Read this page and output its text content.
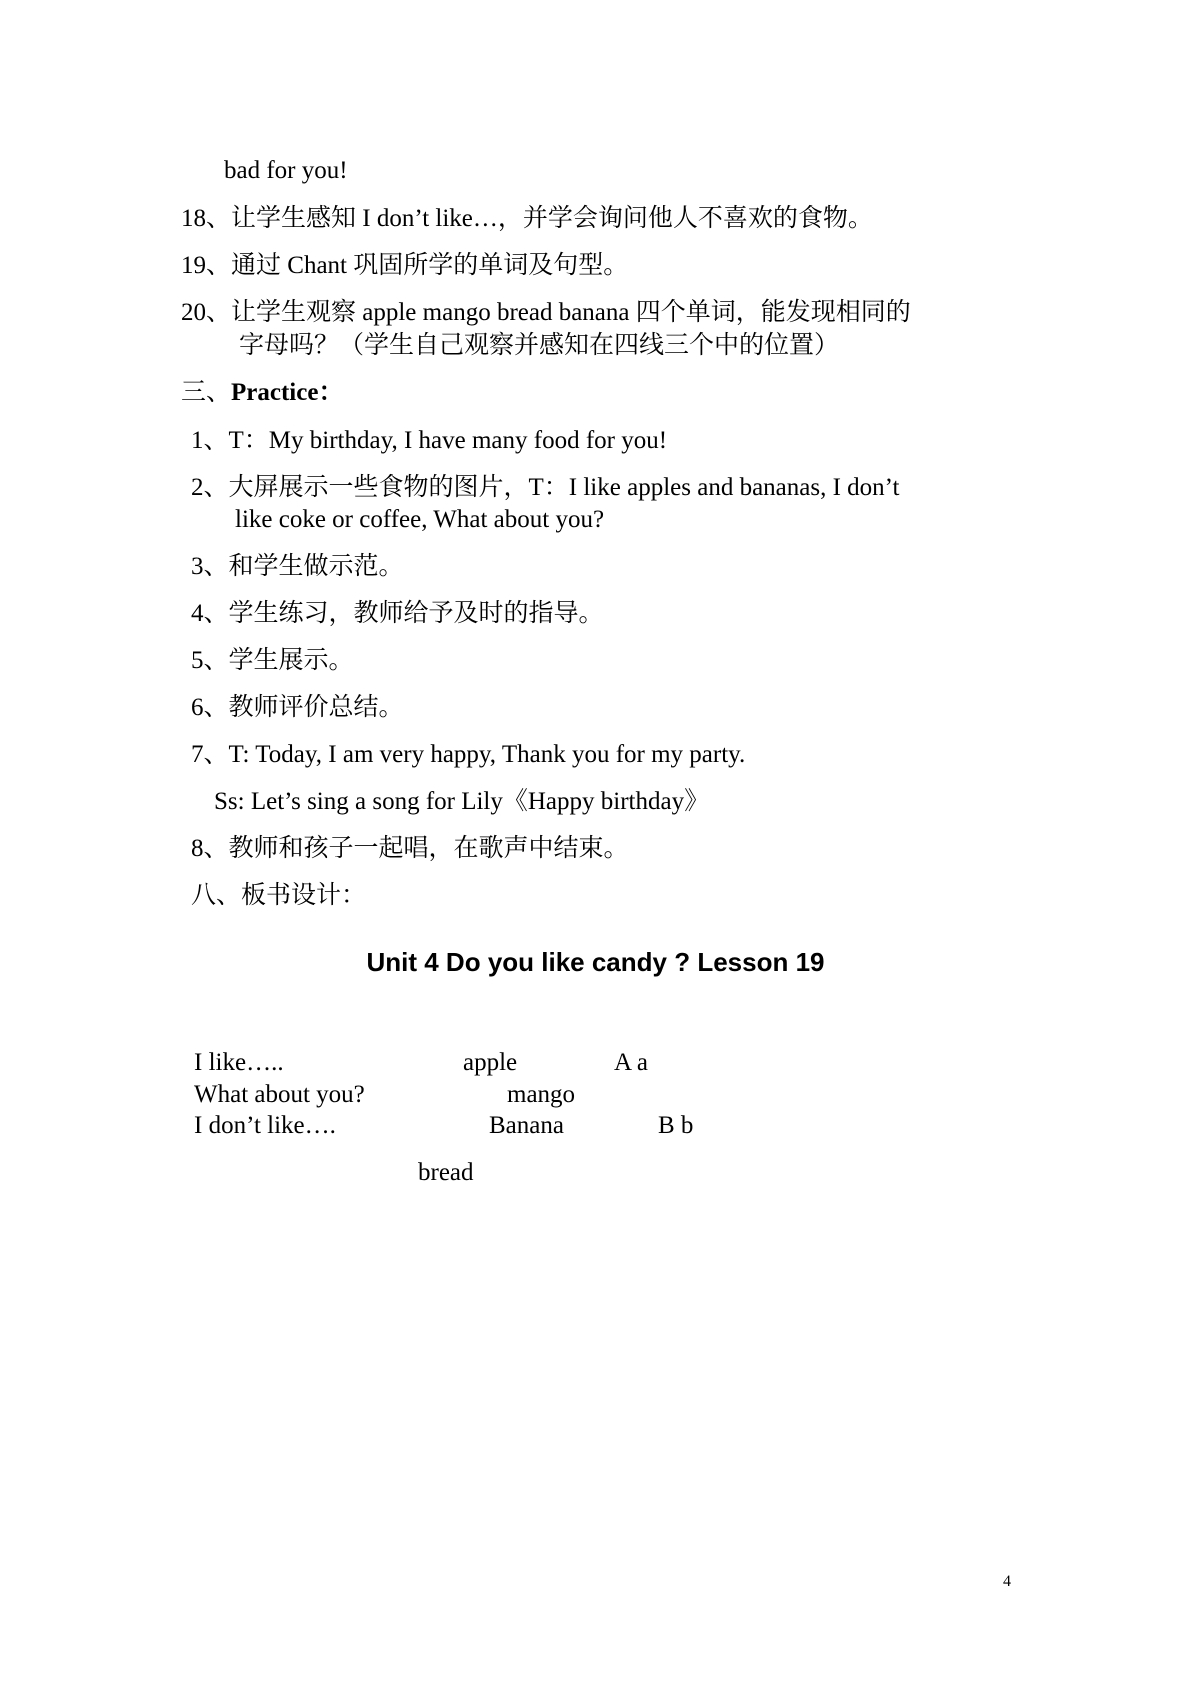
bad for you!
18、让学生感知 I don’t like…，并学会询问他人不喜欢的食物。
19、通过 Chant 巩固所学的单词及句型。
20、让学生观察 apple mango bread banana 四个单词，能发现相同的
字母吗？（学生自己观察并感知在四线三个中的位置）
三、Practice：
1、T：My birthday, I have many food for you!
2、大屏展示一些食物的图片，T：I like apples and bananas, I don’t
like coke or coffee, What about you?
3、和学生做示范。
4、学生练习，教师给予及时的指导。
5、学生展示。
6、教师评价总结。
7、T: Today, I am very happy, Thank you for my party.
Ss: Let’s sing a song for Lily《Happy birthday》
8、教师和孩子一起唱，在歌声中结束。
八、板书设计：
Unit 4 Do you like candy ? Lesson 19
I like…..
What about you?
I don’t like….
apple
mango
Banana
bread
A a
B b
4
